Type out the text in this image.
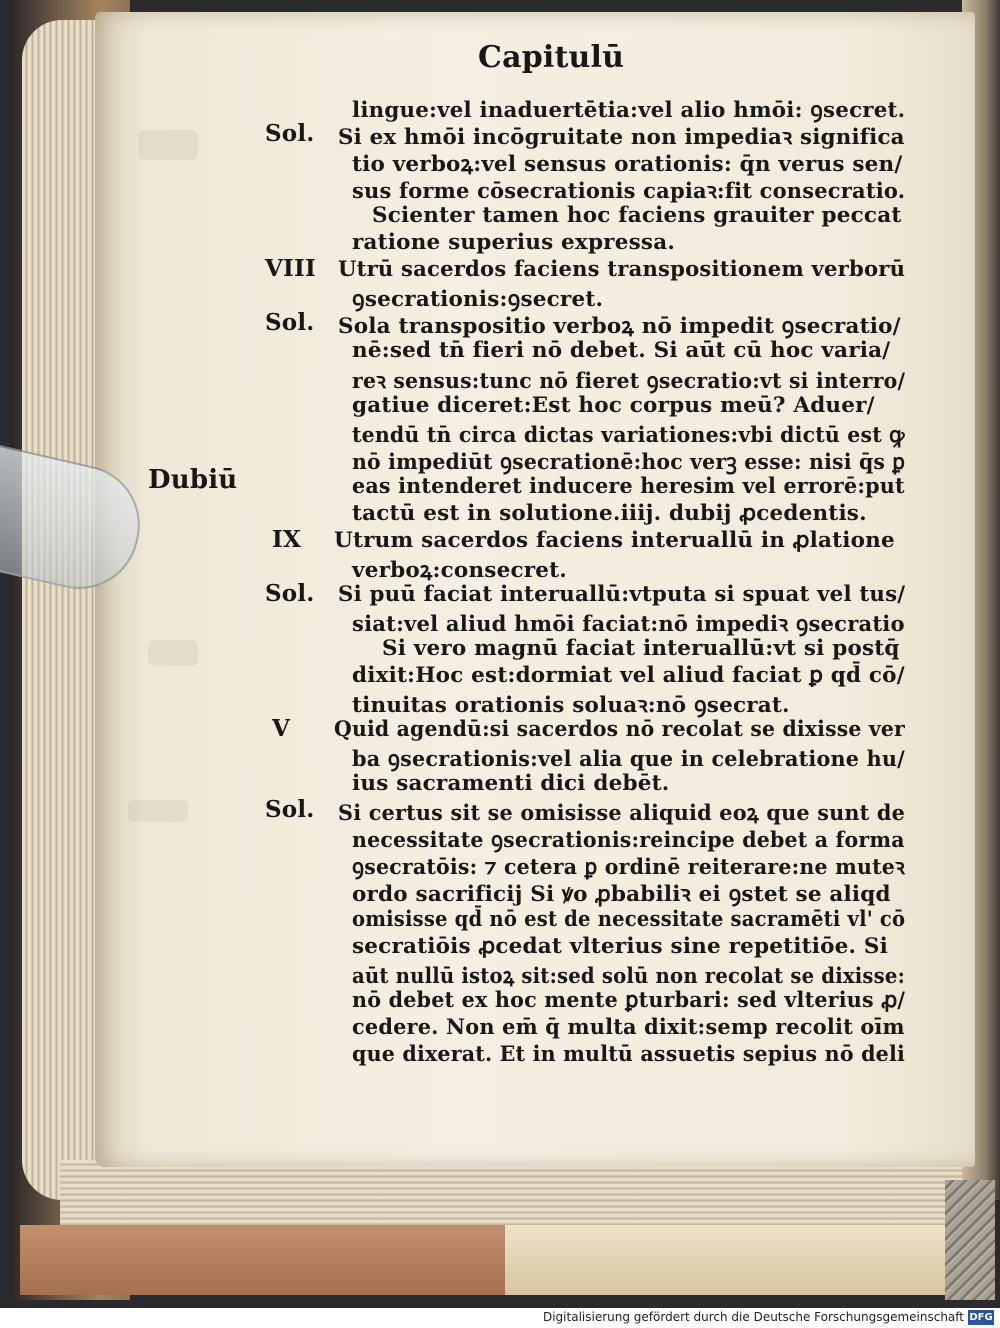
Capitulū
Dubiū
lingue:vel inaduertētia:vel alio hmōi: ꝯsecret.
Sol. Si ex hmōi incōgruitate non impediaꝛ significa
tio verboꝝ:vel sensus orationis: q̄n verus sen/
sus forme cōsecrationis capiaꝛ:fit consecratio.
Scienter tamen hoc faciens grauiter peccat
ratione superius expressa.
VIII Utrū sacerdos faciens transpositionem verborū
ꝯsecrationis:ꝯsecret.
Sol. Sola transpositio verboꝝ nō impedit ꝯsecratio/
nē:sed tn̄ fieri nō debet. Si aūt cū hoc varia/
reꝛ sensus:tunc nō fieret ꝯsecratio:vt si interro/
gatiue diceret:Est hoc corpus meū? Aduer/
tendū tn̄ circa dictas variationes:vbi dictū est ꝙ
nō impediūt ꝯsecrationē:hoc verꝫ esse: nisi q̄s ꝑ
eas intenderet inducere heresim vel errorē:put
tactū est in solutione.iiij. dubij ꝓcedentis.
IX Utrum sacerdos faciens interuallū in ꝓlatione
verboꝝ:consecret.
Sol. Si puū faciat interuallū:vtputa si spuat vel tus/
siat:vel aliud hmōi faciat:nō impediꝛ ꝯsecratio
Si vero magnū faciat interuallū:vt si postq̄
dixit:Hoc est:dormiat vel aliud faciat ꝑ qd̄ cō/
tinuitas orationis soluaꝛ:nō ꝯsecrat.
V Quid agendū:si sacerdos nō recolat se dixisse ver
ba ꝯsecrationis:vel alia que in celebratione hu/
ius sacramenti dici debēt.
Sol. Si certus sit se omisisse aliquid eoꝝ que sunt de
necessitate ꝯsecrationis:reincipe debet a forma
ꝯsecratōis: ⁊ cetera ꝑ ordinē reiterare:ne muteꝛ
ordo sacrificij Si ꝟo ꝓbabiliꝛ ei ꝯstet se aliqd
omisisse qd̄ nō est de necessitate sacramēti vl' cō
secratiōis ꝓcedat vlterius sine repetitiōe. Si
aūt nullū istoꝝ sit:sed solū non recolat se dixisse:
nō debet ex hoc mente ꝑturbari: sed vlterius ꝓ/
cedere. Non em̄ q̄ multa dixit:semp recolit oīm
que dixerat. Et in multū assuetis sepius nō deli
Digitalisierung gefördert durch die Deutsche Forschungsgemeinschaft DFG
